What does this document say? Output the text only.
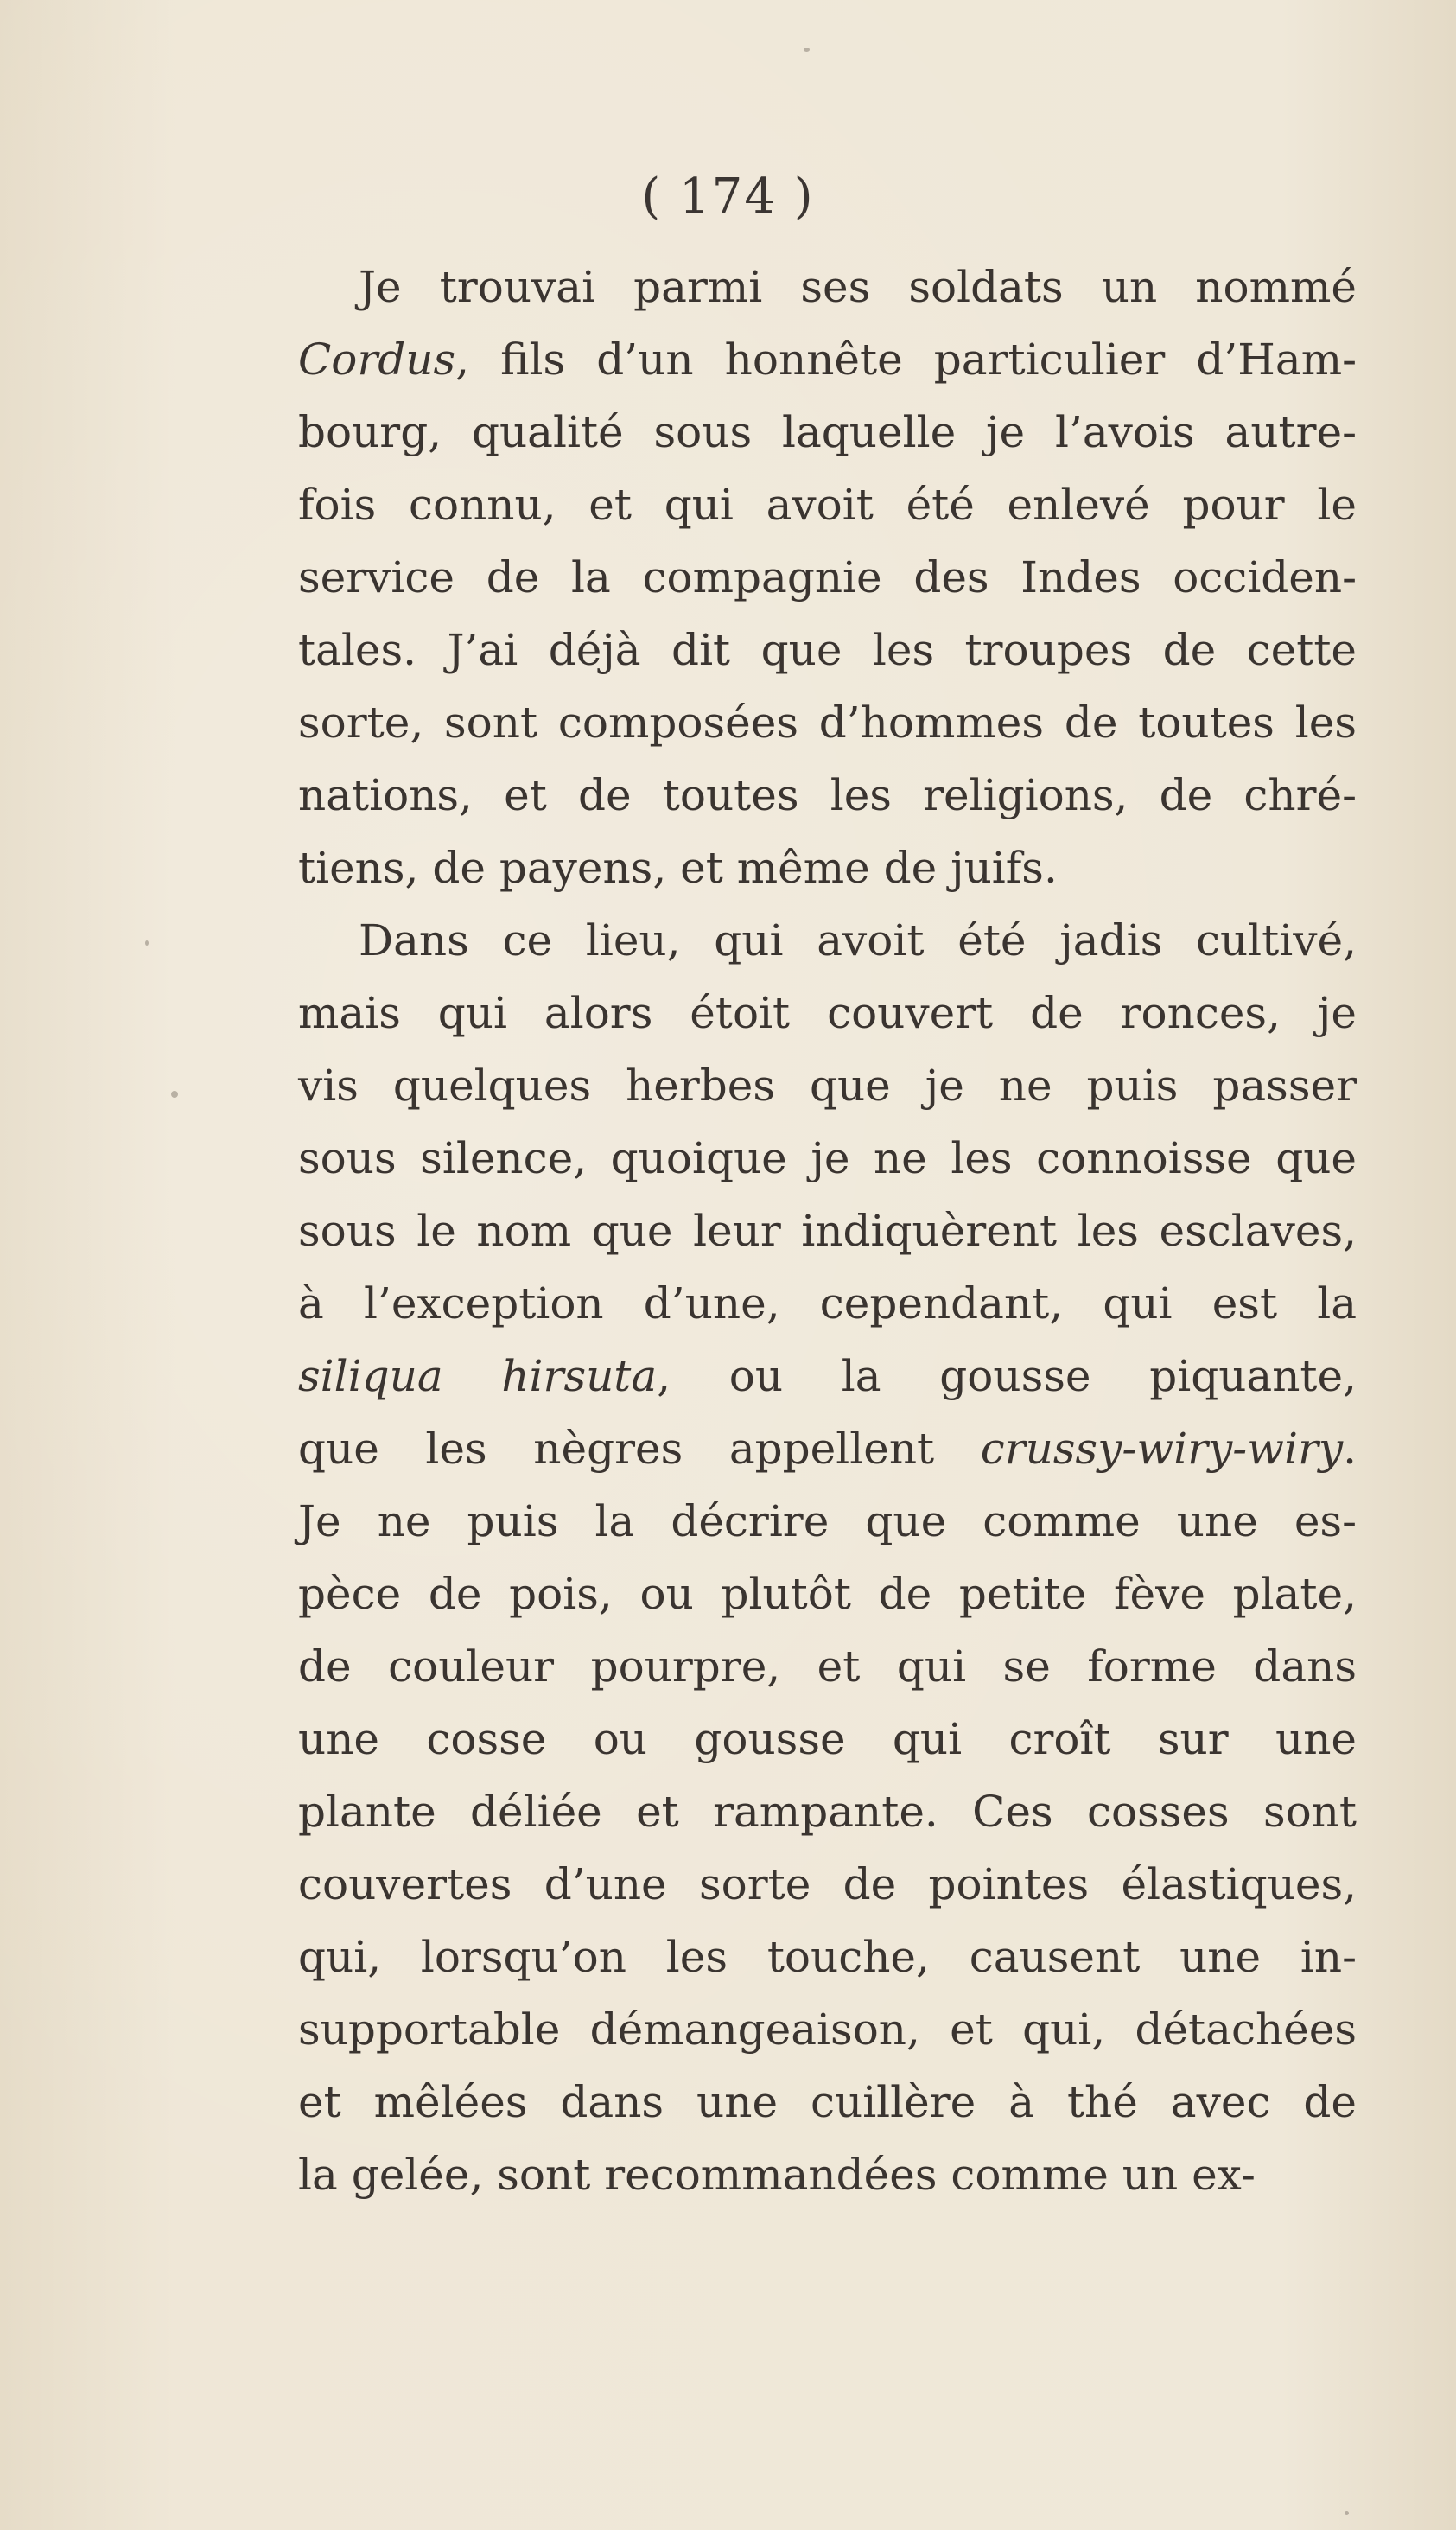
( 174 )
Je trouvai parmi ses soldats un nommé
Cordus, fils d’un honnête particulier d’Ham-
bourg, qualité sous laquelle je l’avois autre-
fois connu, et qui avoit été enlevé pour le
service de la compagnie des Indes occiden-
tales. J’ai déjà dit que les troupes de cette
sorte, sont composées d’hommes de toutes les
nations, et de toutes les religions, de chré-
tiens, de payens, et même de juifs.
Dans ce lieu, qui avoit été jadis cultivé,
mais qui alors étoit couvert de ronces, je
vis quelques herbes que je ne puis passer
sous silence, quoique je ne les connoisse que
sous le nom que leur indiquèrent les esclaves,
à l’exception d’une, cependant, qui est la
siliqua hirsuta, ou la gousse piquante,
que les nègres appellent crussy-wiry-wiry.
Je ne puis la décrire que comme une es-
pèce de pois, ou plutôt de petite fève plate,
de couleur pourpre, et qui se forme dans
une cosse ou gousse qui croît sur une
plante déliée et rampante. Ces cosses sont
couvertes d’une sorte de pointes élastiques,
qui, lorsqu’on les touche, causent une in-
supportable démangeaison, et qui, détachées
et mêlées dans une cuillère à thé avec de
la gelée, sont recommandées comme un ex-
